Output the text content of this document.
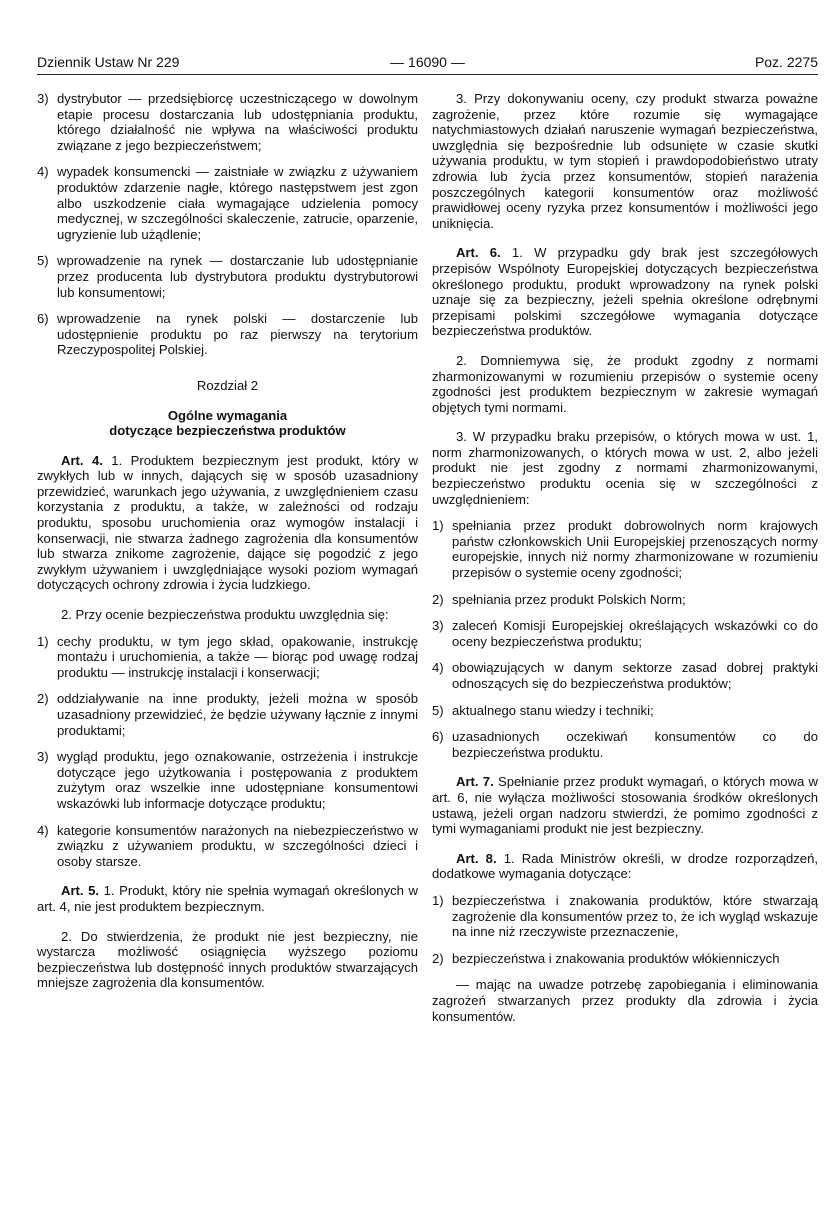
Dziennik Ustaw Nr 229	— 16090 —	Poz. 2275
3) dystrybutor — przedsiębiorcę uczestniczącego w dowolnym etapie procesu dostarczania lub udostępniania produktu, którego działalność nie wpływa na właściwości produktu związane z jego bezpieczeństwem;
4) wypadek konsumencki — zaistniałe w związku z używaniem produktów zdarzenie nagłe, którego następstwem jest zgon albo uszkodzenie ciała wymagające udzielenia pomocy medycznej, w szczególności skaleczenie, zatrucie, oparzenie, ugryzienie lub użądlenie;
5) wprowadzenie na rynek — dostarczanie lub udostępnianie przez producenta lub dystrybutora produktu dystrybutorowi lub konsumentowi;
6) wprowadzenie na rynek polski — dostarczenie lub udostępnienie produktu po raz pierwszy na terytorium Rzeczypospolitej Polskiej.

Rozdział 2

Ogólne wymagania
dotyczące bezpieczeństwa produktów

Art. 4. 1. Produktem bezpiecznym jest produkt, który w zwykłych lub w innych, dających się w sposób uzasadniony przewidzieć, warunkach jego używania, z uwzględnieniem czasu korzystania z produktu, a także, w zależności od rodzaju produktu, sposobu uruchomienia oraz wymogów instalacji i konserwacji, nie stwarza żadnego zagrożenia dla konsumentów lub stwarza znikome zagrożenie, dające się pogodzić z jego zwykłym używaniem i uwzględniające wysoki poziom wymagań dotyczących ochrony zdrowia i życia ludzkiego.

2. Przy ocenie bezpieczeństwa produktu uwzględnia się:

1) cechy produktu, w tym jego skład, opakowanie, instrukcję montażu i uruchomienia, a także — biorąc pod uwagę rodzaj produktu — instrukcję instalacji i konserwacji;
2) oddziaływanie na inne produkty, jeżeli można w sposób uzasadniony przewidzieć, że będzie używany łącznie z innymi produktami;
3) wygląd produktu, jego oznakowanie, ostrzeżenia i instrukcje dotyczące jego użytkowania i postępowania z produktem zużytym oraz wszelkie inne udostępniane konsumentowi wskazówki lub informacje dotyczące produktu;
4) kategorie konsumentów narażonych na niebezpieczeństwo w związku z używaniem produktu, w szczególności dzieci i osoby starsze.

Art. 5. 1. Produkt, który nie spełnia wymagań określonych w art. 4, nie jest produktem bezpiecznym.

2. Do stwierdzenia, że produkt nie jest bezpieczny, nie wystarcza możliwość osiągnięcia wyższego poziomu bezpieczeństwa lub dostępność innych produktów stwarzających mniejsze zagrożenia dla konsumentów.

3. Przy dokonywaniu oceny, czy produkt stwarza poważne zagrożenie, przez które rozumie się wymagające natychmiastowych działań naruszenie wymagań bezpieczeństwa, uwzględnia się bezpośrednie lub odsunięte w czasie skutki używania produktu, w tym stopień i prawdopodobieństwo utraty zdrowia lub życia przez konsumentów, stopień narażenia poszczególnych kategorii konsumentów oraz możliwość prawidłowej oceny ryzyka przez konsumentów i możliwości jego uniknięcia.

Art. 6. 1. W przypadku gdy brak jest szczegółowych przepisów Wspólnoty Europejskiej dotyczących bezpieczeństwa określonego produktu, produkt wprowadzony na rynek polski uznaje się za bezpieczny, jeżeli spełnia określone odrębnymi przepisami polskimi szczegółowe wymagania dotyczące bezpieczeństwa produktów.

2. Domniemywa się, że produkt zgodny z normami zharmonizowanymi w rozumieniu przepisów o systemie oceny zgodności jest produktem bezpiecznym w zakresie wymagań objętych tymi normami.

3. W przypadku braku przepisów, o których mowa w ust. 1, norm zharmonizowanych, o których mowa w ust. 2, albo jeżeli produkt nie jest zgodny z normami zharmonizowanymi, bezpieczeństwo produktu ocenia się w szczególności z uwzględnieniem:

1) spełniania przez produkt dobrowolnych norm krajowych państw członkowskich Unii Europejskiej przenoszących normy europejskie, innych niż normy zharmonizowane w rozumieniu przepisów o systemie oceny zgodności;
2) spełniania przez produkt Polskich Norm;
3) zaleceń Komisji Europejskiej określających wskazówki co do oceny bezpieczeństwa produktu;
4) obowiązujących w danym sektorze zasad dobrej praktyki odnoszących się do bezpieczeństwa produktów;
5) aktualnego stanu wiedzy i techniki;
6) uzasadnionych oczekiwań konsumentów co do bezpieczeństwa produktu.

Art. 7. Spełnianie przez produkt wymagań, o których mowa w art. 6, nie wyłącza możliwości stosowania środków określonych ustawą, jeżeli organ nadzoru stwierdzi, że pomimo zgodności z tymi wymaganiami produkt nie jest bezpieczny.

Art. 8. 1. Rada Ministrów określi, w drodze rozporządzeń, dodatkowe wymagania dotyczące:

1) bezpieczeństwa i znakowania produktów, które stwarzają zagrożenie dla konsumentów przez to, że ich wygląd wskazuje na inne niż rzeczywiste przeznaczenie,
2) bezpieczeństwa i znakowania produktów włókienniczych

— mając na uwadze potrzebę zapobiegania i eliminowania zagrożeń stwarzanych przez produkty dla zdrowia i życia konsumentów.
